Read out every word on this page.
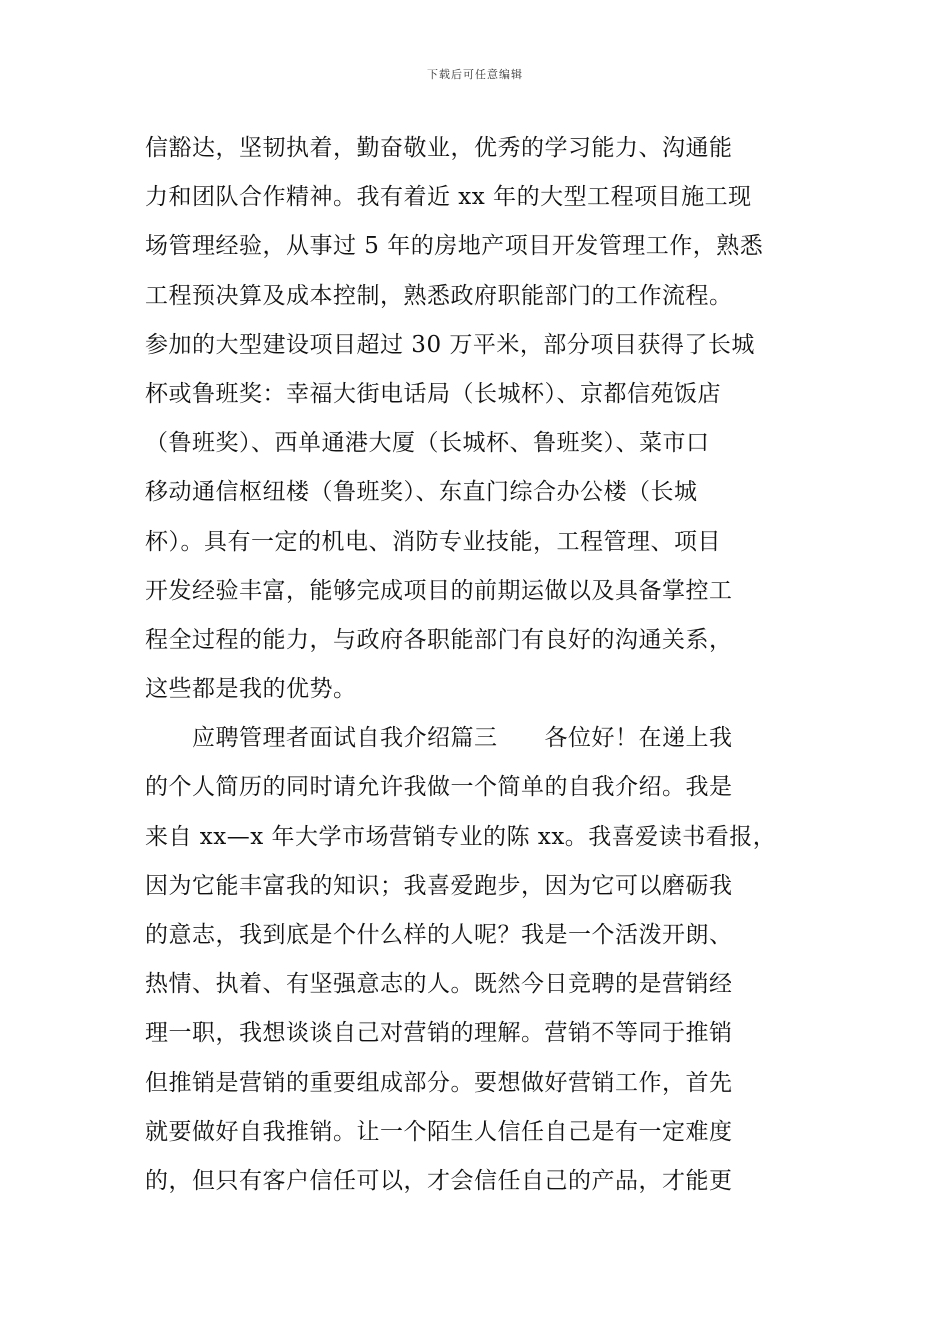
下载后可任意编辑
信豁达，坚韧执着，勤奋敬业，优秀的学习能力、沟通能
力和团队合作精神。我有着近 xx 年的大型工程项目施工现
场管理经验，从事过 5 年的房地产项目开发管理工作，熟悉
工程预决算及成本控制，熟悉政府职能部门的工作流程。
参加的大型建设项目超过 30 万平米，部分项目获得了长城
杯或鲁班奖：幸福大街电话局（长城杯）、京都信苑饭店
（鲁班奖）、西单通港大厦（长城杯、鲁班奖）、菜市口
移动通信枢纽楼（鲁班奖）、东直门综合办公楼（长城
杯）。具有一定的机电、消防专业技能，工程管理、项目
开发经验丰富，能够完成项目的前期运做以及具备掌控工
程全过程的能力，与政府各职能部门有良好的沟通关系，
这些都是我的优势。
　　应聘管理者面试自我介绍篇三　　各位好！在递上我
的个人简历的同时请允许我做一个简单的自我介绍。我是
来自 xx—x 年大学市场营销专业的陈 xx。我喜爱读书看报，
因为它能丰富我的知识；我喜爱跑步，因为它可以磨砺我
的意志，我到底是个什么样的人呢？我是一个活泼开朗、
热情、执着、有坚强意志的人。既然今日竞聘的是营销经
理一职，我想谈谈自己对营销的理解。营销不等同于推销
但推销是营销的重要组成部分。要想做好营销工作，首先
就要做好自我推销。让一个陌生人信任自己是有一定难度
的，但只有客户信任可以，才会信任自己的产品，才能更
